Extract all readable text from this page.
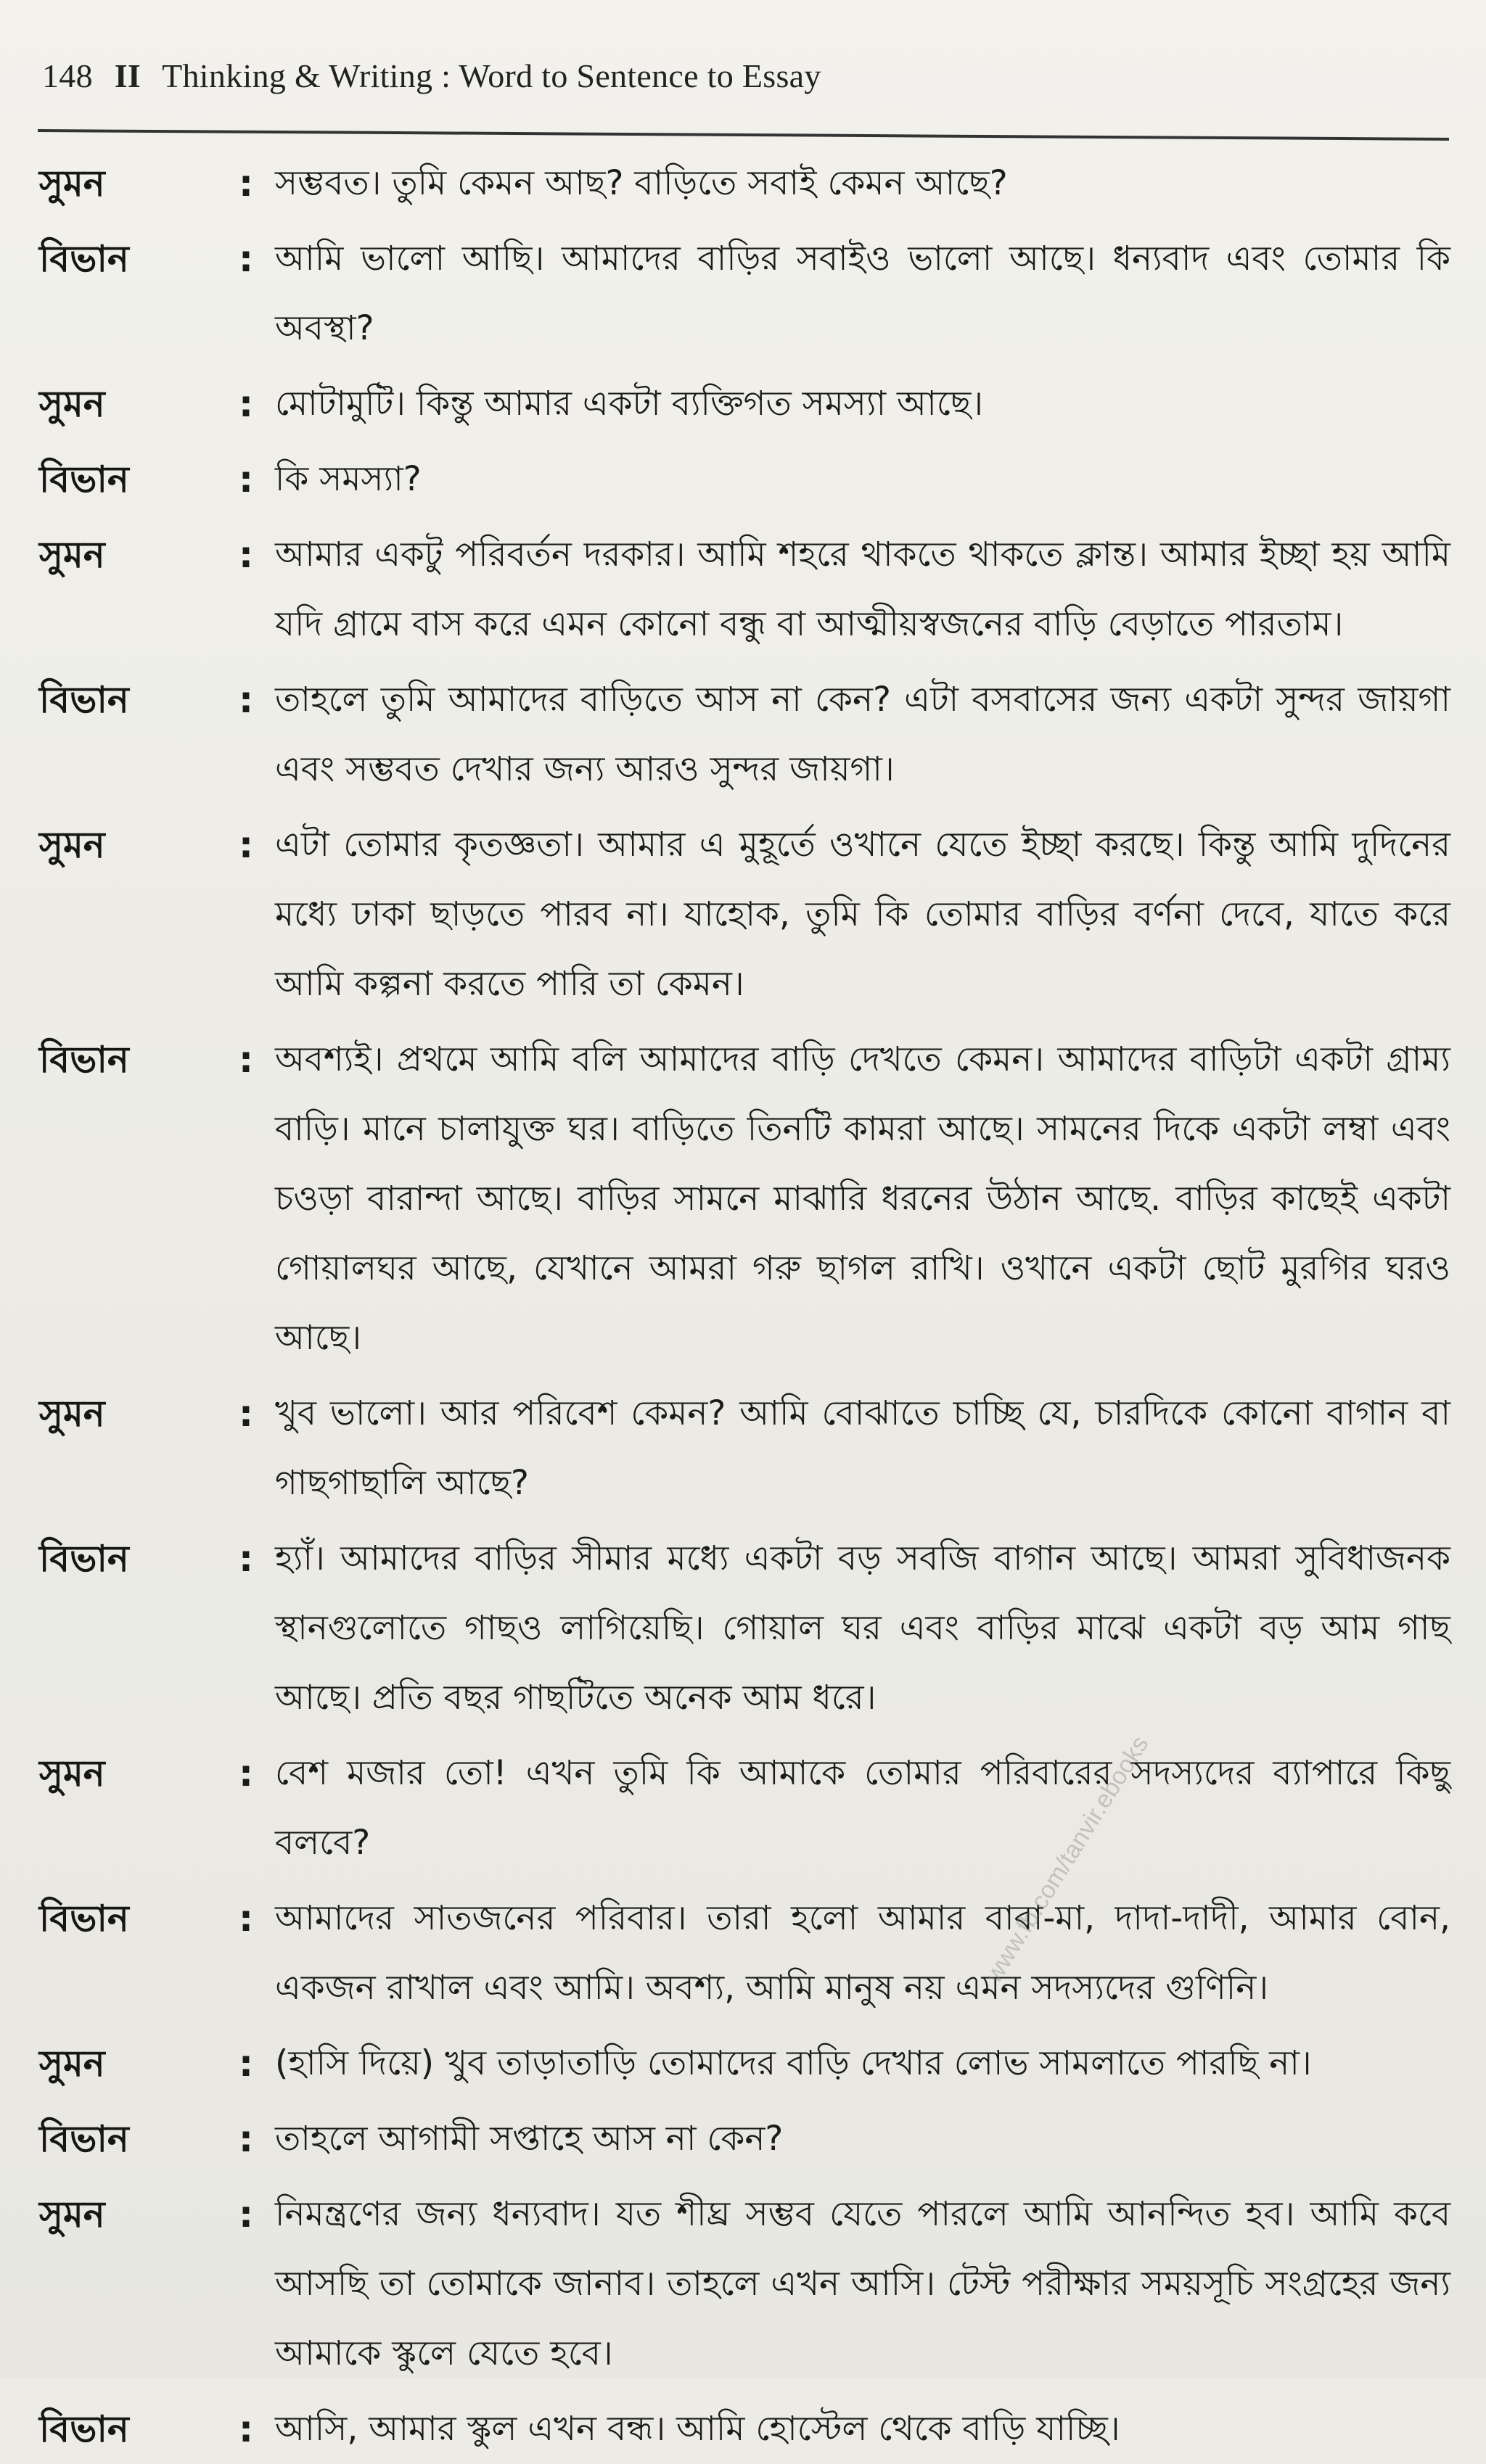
148 II Thinking & Writing : Word to Sentence to Essay
সুমন	: সম্ভবত। তুমি কেমন আছ? বাড়িতে সবাই কেমন আছে?
বিভান	: আমি ভালো আছি। আমাদের বাড়ির সবাইও ভালো আছে। ধন্যবাদ এবং তোমার কি অবস্থা?
সুমন	: মোটামুটি। কিন্তু আমার একটা ব্যক্তিগত সমস্যা আছে।
বিভান	: কি সমস্যা?
সুমন	: আমার একটু পরিবর্তন দরকার। আমি শহরে থাকতে থাকতে ক্লান্ত। আমার ইচ্ছা হয় আমি যদি গ্রামে বাস করে এমন কোনো বন্ধু বা আত্মীয়স্বজনের বাড়ি বেড়াতে পারতাম।
বিভান	: তাহলে তুমি আমাদের বাড়িতে আস না কেন? এটা বসবাসের জন্য একটা সুন্দর জায়গা এবং সম্ভবত দেখার জন্য আরও সুন্দর জায়গা।
সুমন	: এটা তোমার কৃতজ্ঞতা। আমার এ মুহূর্তে ওখানে যেতে ইচ্ছা করছে। কিন্তু আমি দুদিনের মধ্যে ঢাকা ছাড়তে পারব না। যাহোক, তুমি কি তোমার বাড়ির বর্ণনা দেবে, যাতে করে আমি কল্পনা করতে পারি তা কেমন।
বিভান	: অবশ্যই। প্রথমে আমি বলি আমাদের বাড়ি দেখতে কেমন। আমাদের বাড়িটা একটা গ্রাম্য বাড়ি। মানে চালাযুক্ত ঘর। বাড়িতে তিনটি কামরা আছে। সামনের দিকে একটা লম্বা এবং চওড়া বারান্দা আছে। বাড়ির সামনে মাঝারি ধরনের উঠান আছে. বাড়ির কাছেই একটা গোয়ালঘর আছে, যেখানে আমরা গরু ছাগল রাখি। ওখানে একটা ছোট মুরগির ঘরও আছে।
সুমন	: খুব ভালো। আর পরিবেশ কেমন? আমি বোঝাতে চাচ্ছি যে, চারদিকে কোনো বাগান বা গাছগাছালি আছে?
বিভান	: হ্যাঁ। আমাদের বাড়ির সীমার মধ্যে একটা বড় সবজি বাগান আছে। আমরা সুবিধাজনক স্থানগুলোতে গাছও লাগিয়েছি। গোয়াল ঘর এবং বাড়ির মাঝে একটা বড় আম গাছ আছে। প্রতি বছর গাছটিতে অনেক আম ধরে।
সুমন	: বেশ মজার তো! এখন তুমি কি আমাকে তোমার পরিবারের সদস্যদের ব্যাপারে কিছু বলবে?
বিভান	: আমাদের সাতজনের পরিবার। তারা হলো আমার বাবা-মা, দাদা-দাদী, আমার বোন, একজন রাখাল এবং আমি। অবশ্য, আমি মানুষ নয় এমন সদস্যদের গুণিনি।
সুমন	: (হাসি দিয়ে) খুব তাড়াতাড়ি তোমাদের বাড়ি দেখার লোভ সামলাতে পারছি না।
বিভান	: তাহলে আগামী সপ্তাহে আস না কেন?
সুমন	: নিমন্ত্রণের জন্য ধন্যবাদ। যত শীঘ্র সম্ভব যেতে পারলে আমি আনন্দিত হব। আমি কবে আসছি তা তোমাকে জানাব। তাহলে এখন আসি। টেস্ট পরীক্ষার সময়সূচি সংগ্রহের জন্য আমাকে স্কুলে যেতে হবে।
বিভান	: আসি, আমার স্কুল এখন বন্ধ। আমি হোস্টেল থেকে বাড়ি যাচ্ছি।
www.fb.com/tanvir.ebooks
